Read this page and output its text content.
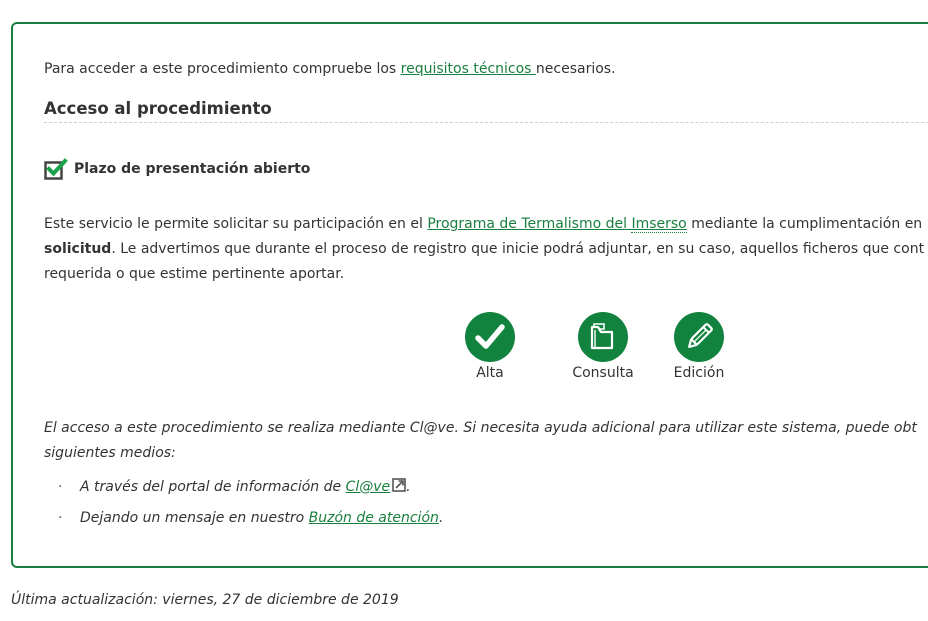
Para acceder a este procedimiento compruebe los requisitos técnicos necesarios.

Acceso al procedimiento
Plazo de presentación abierto
Este servicio le permite solicitar su participación en el Programa de Termalismo del Imserso mediante la cumplimentación en
solicitud. Le advertimos que durante el proceso de registro que inicie podrá adjuntar, en su caso, aquellos ficheros que cont
requerida o que estime pertinente aportar.
Alta	Consulta	Edición
El acceso a este procedimiento se realiza mediante Cl@ve. Si necesita ayuda adicional para utilizar este sistema, puede obt
siguientes medios:
· A través del portal de información de Cl@ve .
· Dejando un mensaje en nuestro Buzón de atención.
Última actualización: viernes, 27 de diciembre de 2019
